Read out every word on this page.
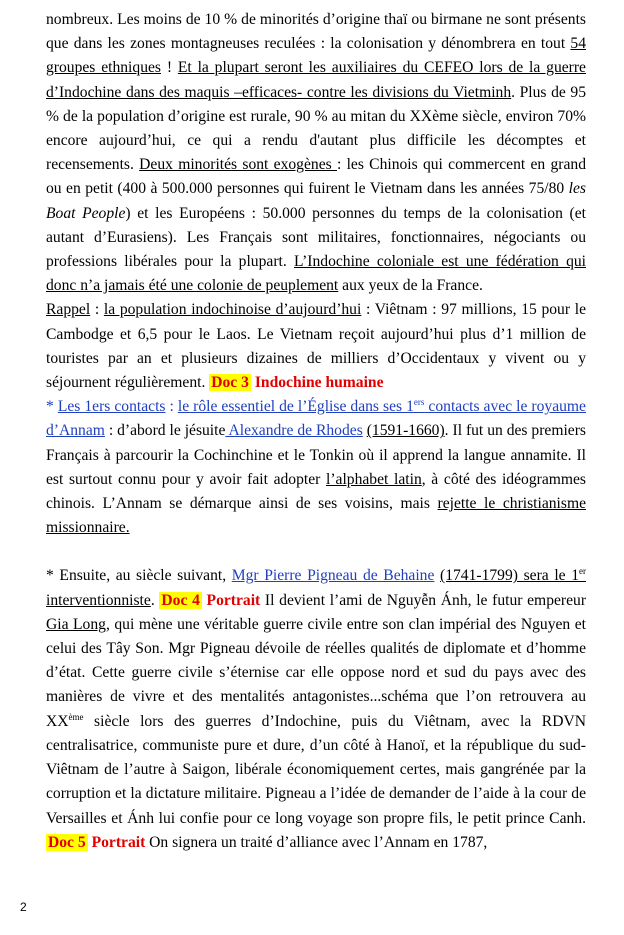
nombreux. Les moins de 10 % de minorités d’origine thaï ou birmane ne sont présents que dans les zones montagneuses reculées : la colonisation y dénombrera en tout 54 groupes ethniques ! Et la plupart seront les auxiliaires du CEFEO lors de la guerre d’Indochine dans des maquis –efficaces- contre les divisions du Vietminh. Plus de 95 % de la population d’origine est rurale, 90 % au mitan du XXème siècle, environ 70% encore aujourd’hui, ce qui a rendu d'autant plus difficile les décomptes et recensements. Deux minorités sont exogènes : les Chinois qui commercent en grand ou en petit (400 à 500.000 personnes qui fuirent le Vietnam dans les années 75/80 les Boat People) et les Européens : 50.000 personnes du temps de la colonisation (et autant d’Eurasiens). Les Français sont militaires, fonctionnaires, négociants ou professions libérales pour la plupart. L’Indochine coloniale est une fédération qui donc n’a jamais été une colonie de peuplement aux yeux de la France.

Rappel : la population indochinoise d’aujourd’hui : Viêtnam : 97 millions, 15 pour le Cambodge et 6,5 pour le Laos. Le Vietnam reçoit aujourd’hui plus d’1 million de touristes par an et plusieurs dizaines de milliers d’Occidentaux y vivent ou y séjournent régulièrement. Doc 3 Indochine humaine

* Les 1ers contacts : le rôle essentiel de l’Église dans ses 1ers contacts avec le royaume d’Annam : d’abord le jésuite Alexandre de Rhodes (1591-1660). Il fut un des premiers Français à parcourir la Cochinchine et le Tonkin où il apprend la langue annamite. Il est surtout connu pour y avoir fait adopter l’alphabet latin, à côté des idéogrammes chinois. L’Annam se démarque ainsi de ses voisins, mais rejette le christianisme missionnaire.

* Ensuite, au siècle suivant, Mgr Pierre Pigneau de Behaine (1741-1799) sera le 1er interventionniste. Doc 4 Portrait Il devient l’ami de Nguyễn Ánh, le futur empereur Gia Long, qui mène une véritable guerre civile entre son clan impérial des Nguyen et celui des Tây Son. Mgr Pigneau dévoile de réelles qualités de diplomate et d’homme d’état. Cette guerre civile s’éternise car elle oppose nord et sud du pays avec des manières de vivre et des mentalités antagonistes...schéma que l’on retrouvera au XXème siècle lors des guerres d’Indochine, puis du Viêtnam, avec la RDVN centralisatrice, communiste pure et dure, d’un côté à Hanoï, et la république du sud-Viêtnam de l’autre à Saigon, libérale économiquement certes, mais gangrénée par la corruption et la dictature militaire. Pigneau a l’idée de demander de l’aide à la cour de Versailles et Ánh lui confie pour ce long voyage son propre fils, le petit prince Canh. Doc 5 Portrait On signera un traité d’alliance avec l’Annam en 1787,

2
